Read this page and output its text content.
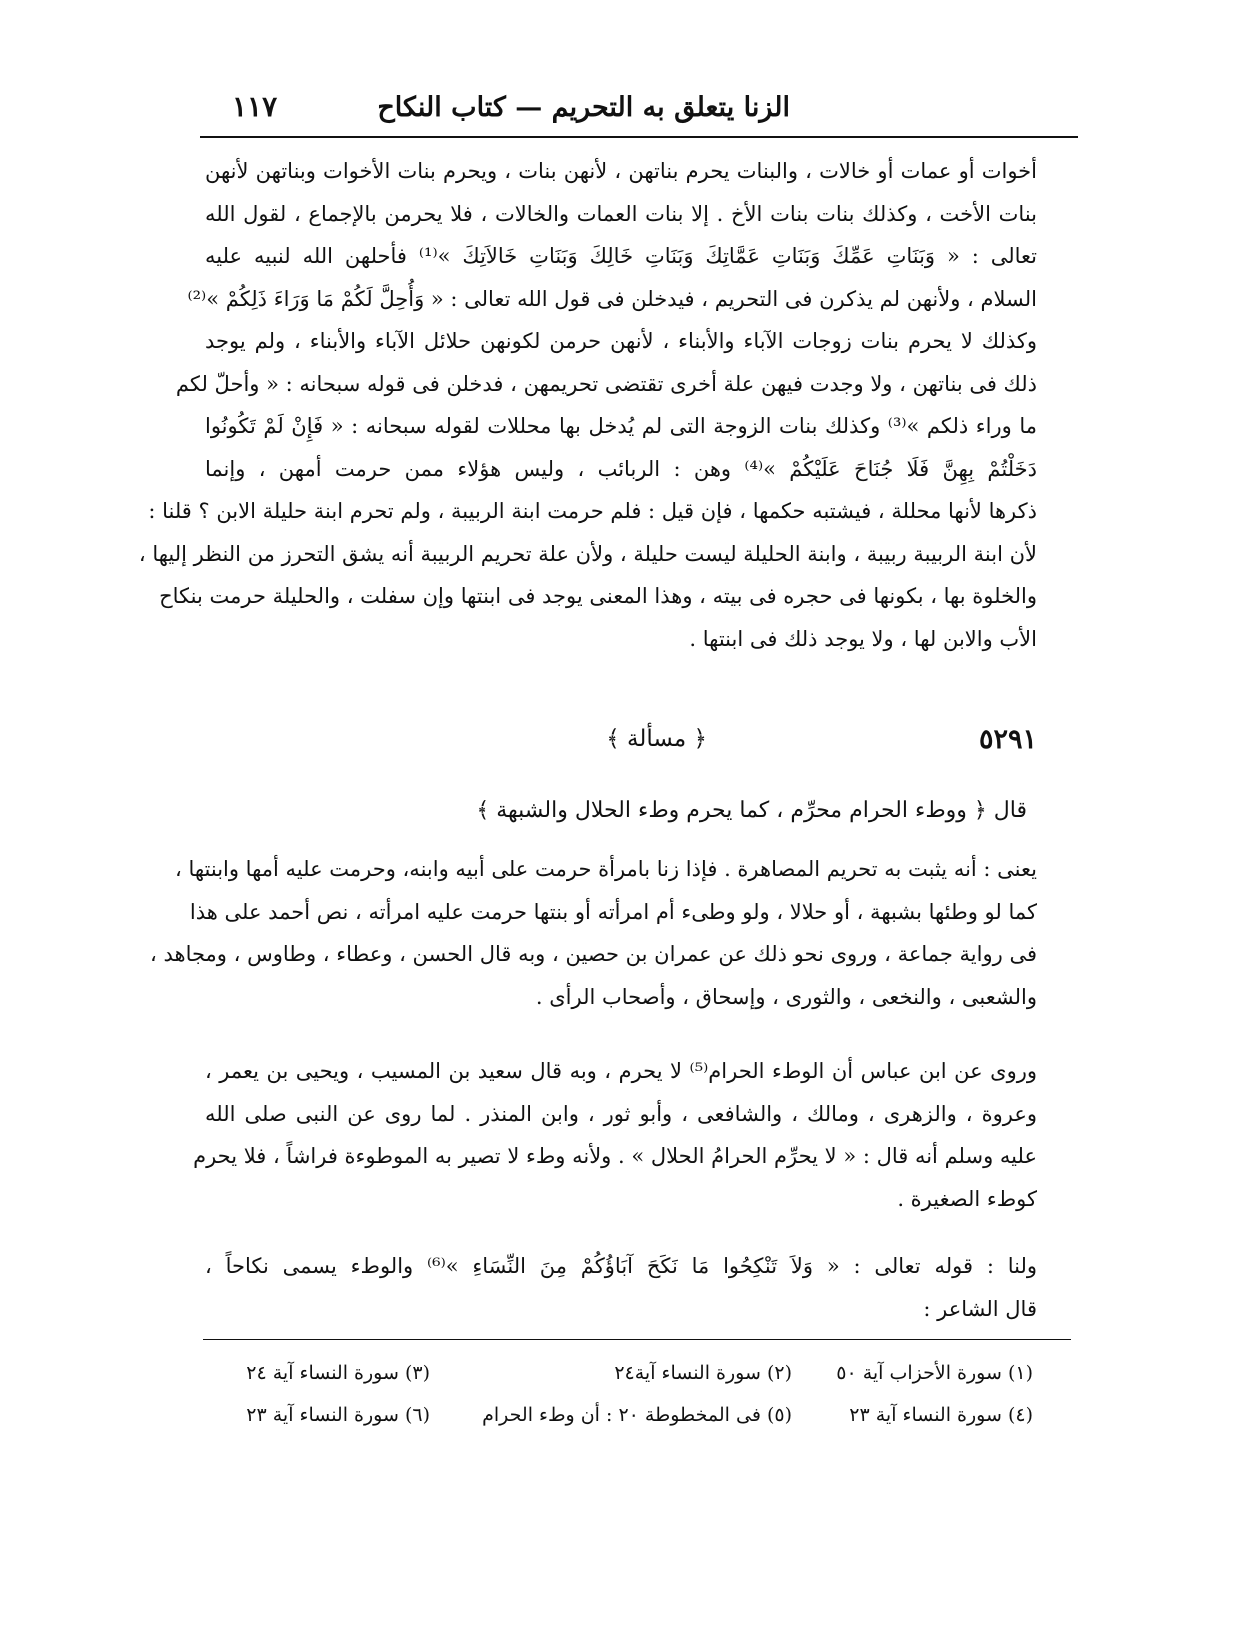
الزنا يتعلق به التحريم — كتاب النكاح
١١٧

أخوات أو عمات أو خالات ، والبنات يحرم بناتهن ، لأنهن بنات ، ويحرم بنات الأخوات وبناتهن لأنهن
بنات الأخت ، وكذلك بنات بنات الأخ . إلا بنات العمات والخالات ، فلا يحرمن بالإجماع ، لقول الله
تعالى : « وَبَنَاتِ عَمِّكَ وَبَنَاتِ عَمَّاتِكَ وَبَنَاتِ خَالِكَ وَبَنَاتِ خَالاَتِكَ »⁽¹⁾ فأحلهن الله لنبيه عليه
السلام ، ولأنهن لم يذكرن فى التحريم ، فيدخلن فى قول الله تعالى : « وَأُحِلَّ لَكُمْ مَا وَرَاءَ ذَلِكُمْ »⁽²⁾
وكذلك لا يحرم بنات زوجات الآباء والأبناء ، لأنهن حرمن لكونهن حلائل الآباء والأبناء ، ولم يوجد
ذلك فى بناتهن ، ولا وجدت فيهن علة أخرى تقتضى تحريمهن ، فدخلن فى قوله سبحانه : « وأحلّ لكم
ما وراء ذلكم »⁽³⁾ وكذلك بنات الزوجة التى لم يُدخل بها محللات لقوله سبحانه : « فَإِنْ لَمْ تَكُونُوا
دَخَلْتُمْ بِهِنَّ فَلَا جُنَاحَ عَلَيْكُمْ »⁽⁴⁾ وهن : الربائب ، وليس هؤلاء ممن حرمت أمهن ، وإنما
ذكرها لأنها محللة ، فيشتبه حكمها ، فإن قيل : فلم حرمت ابنة الربيبة ، ولم تحرم ابنة حليلة الابن ؟ قلنا :
لأن ابنة الربيبة ربيبة ، وابنة الحليلة ليست حليلة ، ولأن علة تحريم الربيبة أنه يشق التحرز من النظر إليها ،
والخلوة بها ، بكونها فى حجره فى بيته ، وهذا المعنى يوجد فى ابنتها وإن سفلت ، والحليلة حرمت بنكاح
الأب والابن لها ، ولا يوجد ذلك فى ابنتها .

٥٢٩١
﴿ مسألة ﴾
قال ﴿ ووطء الحرام محرِّم ، كما يحرم وطء الحلال والشبهة ﴾

يعنى : أنه يثبت به تحريم المصاهرة . فإذا زنا بامرأة حرمت على أبيه وابنه، وحرمت عليه أمها وابنتها ،
كما لو وطئها بشبهة ، أو حلالا ، ولو وطىء أم امرأته أو بنتها حرمت عليه امرأته ، نص أحمد على هذا
فى رواية جماعة ، وروى نحو ذلك عن عمران بن حصين ، وبه قال الحسن ، وعطاء ، وطاوس ، ومجاهد ،
والشعبى ، والنخعى ، والثورى ، وإسحاق ، وأصحاب الرأى .

وروى عن ابن عباس أن الوطء الحرام⁽⁵⁾ لا يحرم ، وبه قال سعيد بن المسيب ، ويحيى بن يعمر ،
وعروة ، والزهرى ، ومالك ، والشافعى ، وأبو ثور ، وابن المنذر . لما روى عن النبى صلى الله
عليه وسلم أنه قال : « لا يحرِّم الحرامُ الحلال » . ولأنه وطء لا تصير به الموطوءة فراشاً ، فلا يحرم
كوطء الصغيرة .

ولنا : قوله تعالى : « وَلاَ تَنْكِحُوا مَا نَكَحَ آبَاؤُكُمْ مِنَ النِّسَاءِ »⁽⁶⁾ والوطء يسمى نكاحاً ،
قال الشاعر :

(١) سورة الأحزاب آية ٥٠
(٢) سورة النساء آية٢٤
(٣) سورة النساء آية ٢٤
(٤) سورة النساء آية ٢٣
(٥) فى المخطوطة ٢٠ : أن وطء الحرام
(٦) سورة النساء آية ٢٣
